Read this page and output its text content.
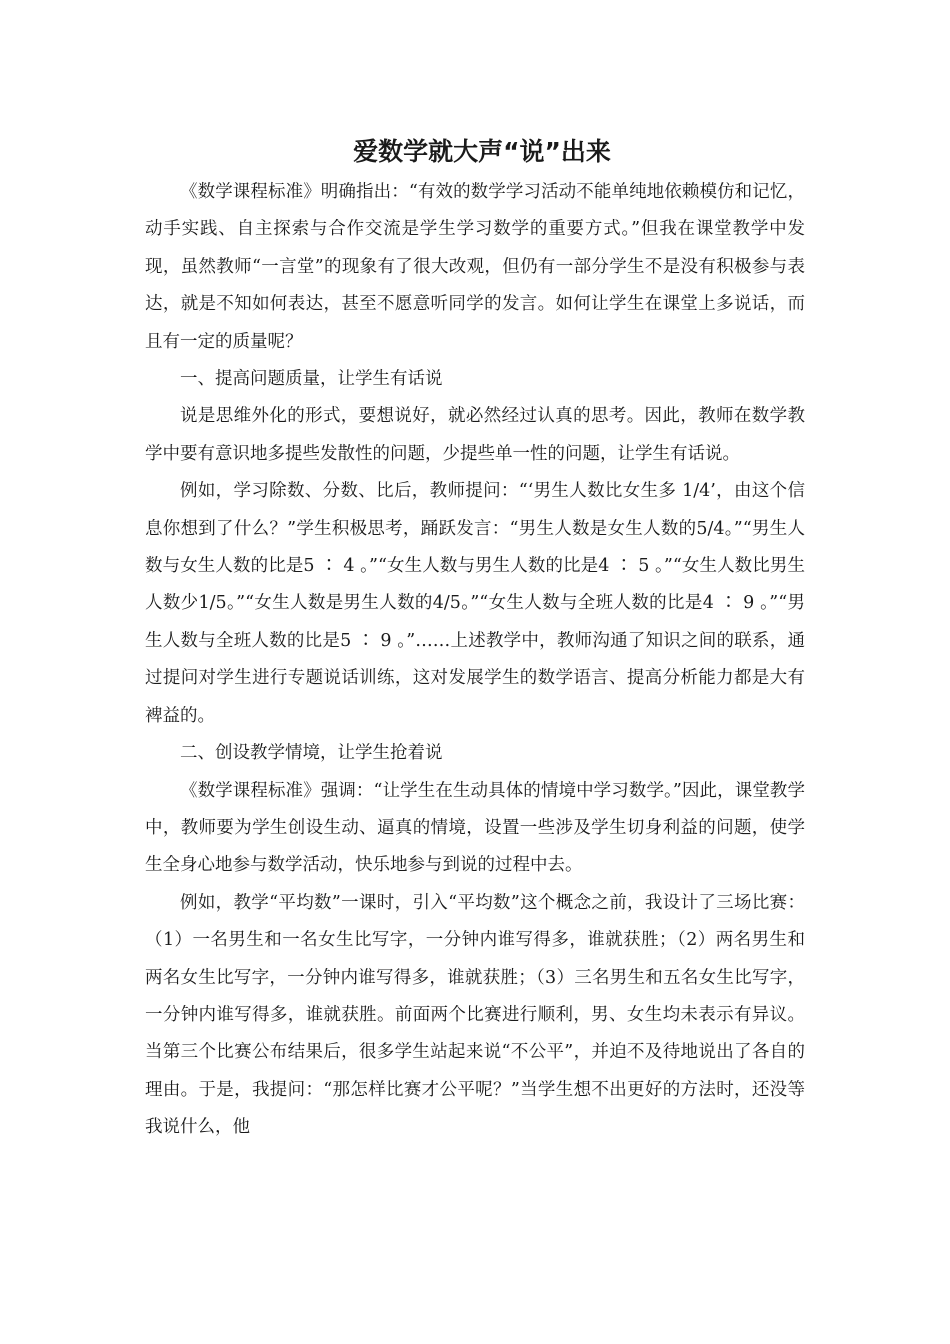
爱数学就大声“说”出来

《数学课程标准》明确指出：“有效的数学学习活动不能单纯地依赖模仿和记忆，动手实践、自主探索与合作交流是学生学习数学的重要方式。”但我在课堂教学中发现，虽然教师“一言堂”的现象有了很大改观，但仍有一部分学生不是没有积极参与表达，就是不知如何表达，甚至不愿意听同学的发言。如何让学生在课堂上多说话，而且有一定的质量呢？

一、提高问题质量，让学生有话说

说是思维外化的形式，要想说好，就必然经过认真的思考。因此，教师在数学教学中要有意识地多提些发散性的问题，少提些单一性的问题，让学生有话说。

例如，学习除数、分数、比后，教师提问：“‘男生人数比女生多 1/4’，由这个信息你想到了什么？”学生积极思考，踊跃发言：“男生人数是女生人数的5/4。”“男生人数与女生人数的比是5 ∶ 4 。”“女生人数与男生人数的比是4 ∶ 5 。”“女生人数比男生人数少1/5。”“女生人数是男生人数的4/5。”“女生人数与全班人数的比是4 ∶ 9 。”“男生人数与全班人数的比是5 ∶ 9 。”……上述教学中，教师沟通了知识之间的联系，通过提问对学生进行专题说话训练，这对发展学生的数学语言、提高分析能力都是大有裨益的。

二、创设教学情境，让学生抢着说

《数学课程标准》强调：“让学生在生动具体的情境中学习数学。”因此，课堂教学中，教师要为学生创设生动、逼真的情境，设置一些涉及学生切身利益的问题，使学生全身心地参与数学活动，快乐地参与到说的过程中去。

例如，教学“平均数”一课时，引入“平均数”这个概念之前，我设计了三场比赛：（1）一名男生和一名女生比写字，一分钟内谁写得多，谁就获胜；（2）两名男生和两名女生比写字，一分钟内谁写得多，谁就获胜；（3）三名男生和五名女生比写字，一分钟内谁写得多，谁就获胜。前面两个比赛进行顺利，男、女生均未表示有异议。当第三个比赛公布结果后，很多学生站起来说“不公平”，并迫不及待地说出了各自的理由。于是，我提问：“那怎样比赛才公平呢？”当学生想不出更好的方法时，还没等我说什么，他
